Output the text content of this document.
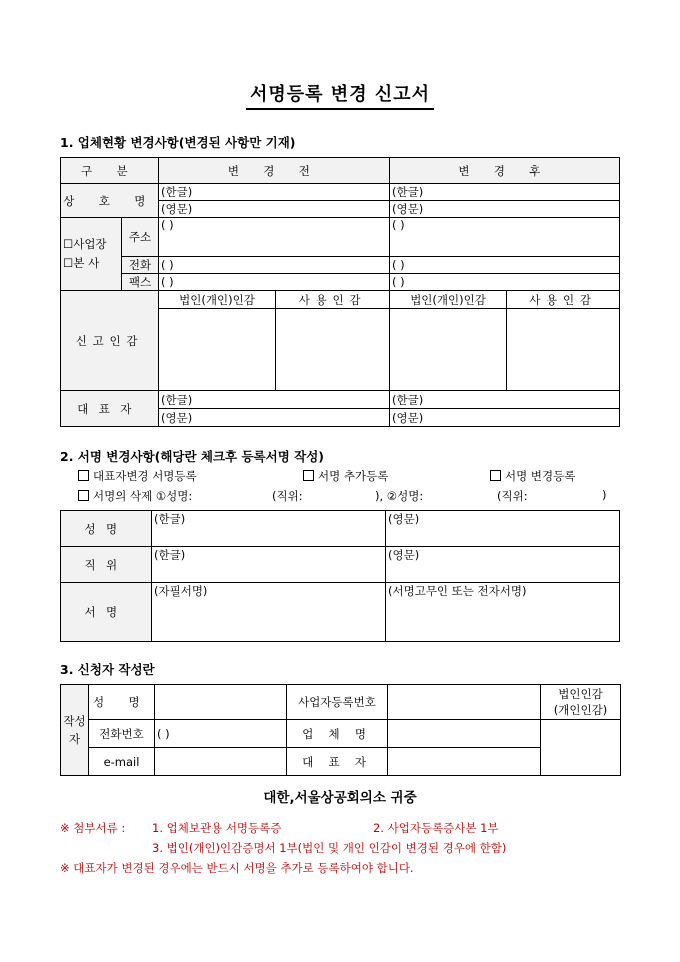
서명등록 변경 신고서
1. 업체현황 변경사항(변경된 사항만 기재)
구 분		변 경 전		변 경 후	
상 호 명		(한글)		(한글)	
		(영문)		(영문)	

☐사업장
☐본 사	주소	( )		( )	
	전화	( )		( )	
	팩스	( )		( )	
신고인감		법인(개인)인감	사용인감	법인(개인)인감	사용인감

대표자		(한글)		(한글)	
		(영문)		(영문)	
2. 서명 변경사항(해당란 체크후 등록서명 작성)
대표자변경 서명등록	서명 추가등록	서명 변경등록
서명의 삭제 ①성명:	(직위:	), ②성명:	(직위:	)
성명	(한글)	(영문)
직위	(한글)	(영문)
서명	(자필서명)	(서명고무인 또는 전자서명)
3. 신청자 작성란
작성자	성 명		사업자등록번호		법인인감
(개인인감)

	전화번호	( )	업 체 명		
	e-mail		대 표 자		
대한,서울상공회의소 귀중
※ 첨부서류 : 1. 업체보관용 서명등록증	2. 사업자등록증사본 1부
3. 법인(개인)인감증명서 1부(법인 및 개인 인감이 변경된 경우에 한함)
※ 대표자가 변경된 경우에는 반드시 서명을 추가로 등록하여야 합니다.
